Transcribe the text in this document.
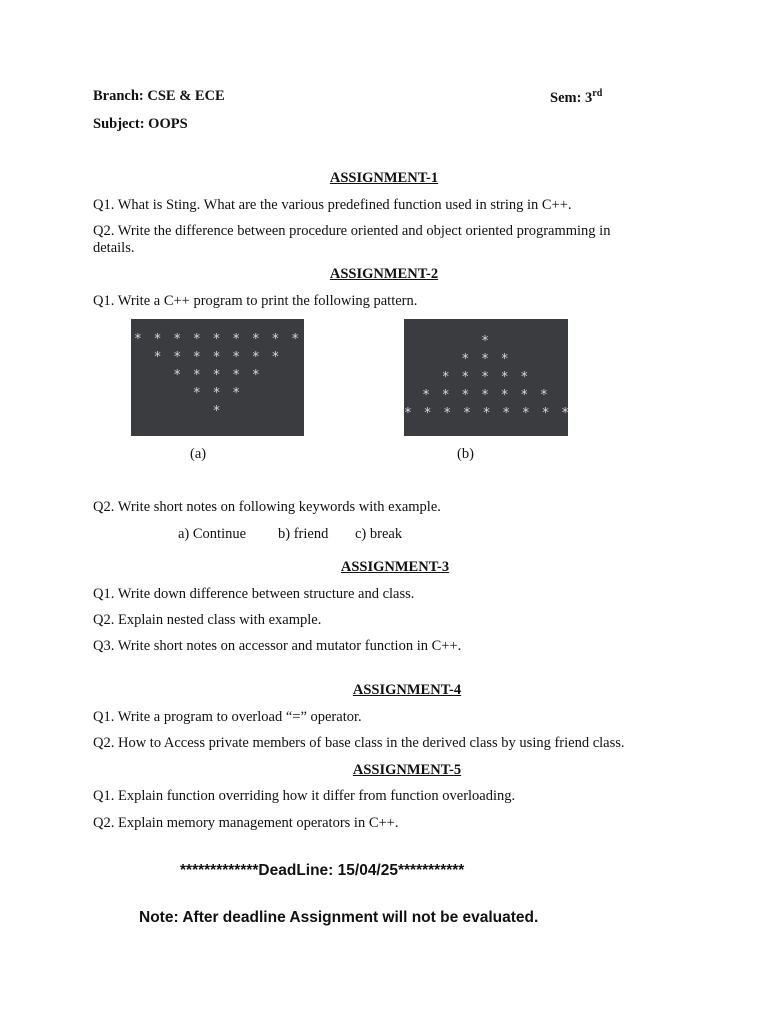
Branch: CSE & ECE	Sem: 3rd
Subject: OOPS
ASSIGNMENT-1
Q1. What is Sting. What are the various predefined function used in string in C++.
Q2. Write the difference between procedure oriented and object oriented programming in
details.
ASSIGNMENT-2
Q1. Write a C++ program to print the following pattern.
* * * * * * * * *
* * * * * * *
* * * * *
* * *
*
*
* * *
* * * * *
* * * * * * *
* * * * * * * * *
(a)	(b)
Q2. Write short notes on following keywords with example.
a) Continue b) friend c) break
ASSIGNMENT-3
Q1. Write down difference between structure and class.
Q2. Explain nested class with example.
Q3. Write short notes on accessor and mutator function in C++.
ASSIGNMENT-4
Q1. Write a program to overload “=” operator.
Q2. How to Access private members of base class in the derived class by using friend class.
ASSIGNMENT-5
Q1. Explain function overriding how it differ from function overloading.
Q2. Explain memory management operators in C++.
*************DeadLine: 15/04/25***********
Note: After deadline Assignment will not be evaluated.
